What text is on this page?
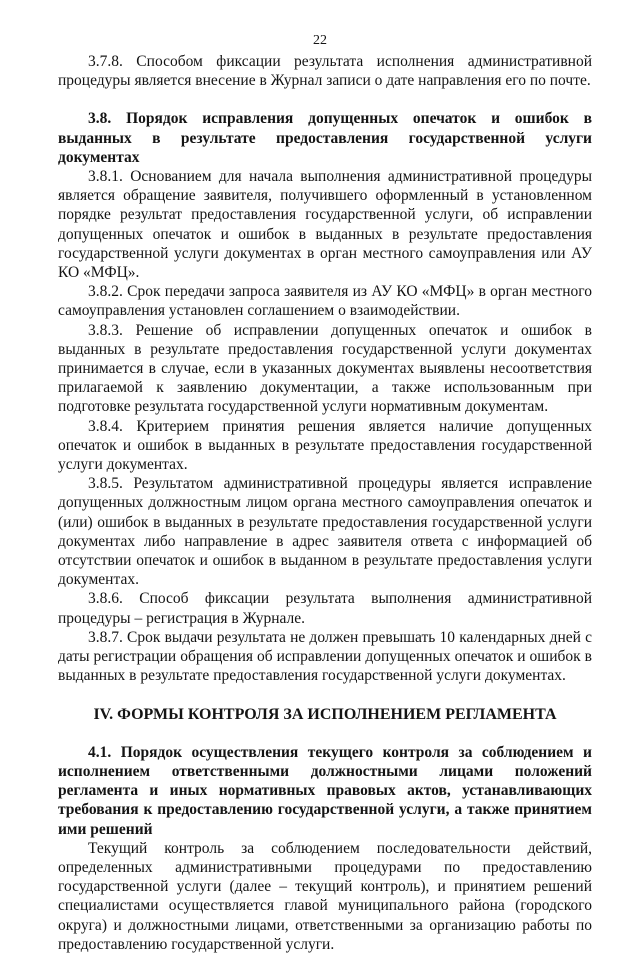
22

3.7.8. Способом фиксации результата исполнения административной процедуры является внесение в Журнал записи о дате направления его по почте.

3.8. Порядок исправления допущенных опечаток и ошибок в выданных в результате предоставления государственной услуги документах

3.8.1. Основанием для начала выполнения административной процедуры является обращение заявителя, получившего оформленный в установленном порядке результат предоставления государственной услуги, об исправлении допущенных опечаток и ошибок в выданных в результате предоставления государственной услуги документах в орган местного самоуправления или АУ КО «МФЦ».

3.8.2. Срок передачи запроса заявителя из АУ КО «МФЦ» в орган местного самоуправления установлен соглашением о взаимодействии.

3.8.3. Решение об исправлении допущенных опечаток и ошибок в выданных в результате предоставления государственной услуги документах принимается в случае, если в указанных документах выявлены несоответствия прилагаемой к заявлению документации, а также использованным при подготовке результата государственной услуги нормативным документам.

3.8.4. Критерием принятия решения является наличие допущенных опечаток и ошибок в выданных в результате предоставления государственной услуги документах.

3.8.5. Результатом административной процедуры является исправление допущенных должностным лицом органа местного самоуправления опечаток и (или) ошибок в выданных в результате предоставления государственной услуги документах либо направление в адрес заявителя ответа с информацией об отсутствии опечаток и ошибок в выданном в результате предоставления услуги документах.

3.8.6. Способ фиксации результата выполнения административной процедуры – регистрация в Журнале.

3.8.7. Срок выдачи результата не должен превышать 10 календарных дней с даты регистрации обращения об исправлении допущенных опечаток и ошибок в выданных в результате предоставления государственной услуги документах.

IV. ФОРМЫ КОНТРОЛЯ ЗА ИСПОЛНЕНИЕМ РЕГЛАМЕНТА

4.1. Порядок осуществления текущего контроля за соблюдением и исполнением ответственными должностными лицами положений регламента и иных нормативных правовых актов, устанавливающих требования к предоставлению государственной услуги, а также принятием ими решений

Текущий контроль за соблюдением последовательности действий, определенных административными процедурами по предоставлению государственной услуги (далее – текущий контроль), и принятием решений специалистами осуществляется главой муниципального района (городского округа) и должностными лицами, ответственными за организацию работы по предоставлению государственной услуги.
